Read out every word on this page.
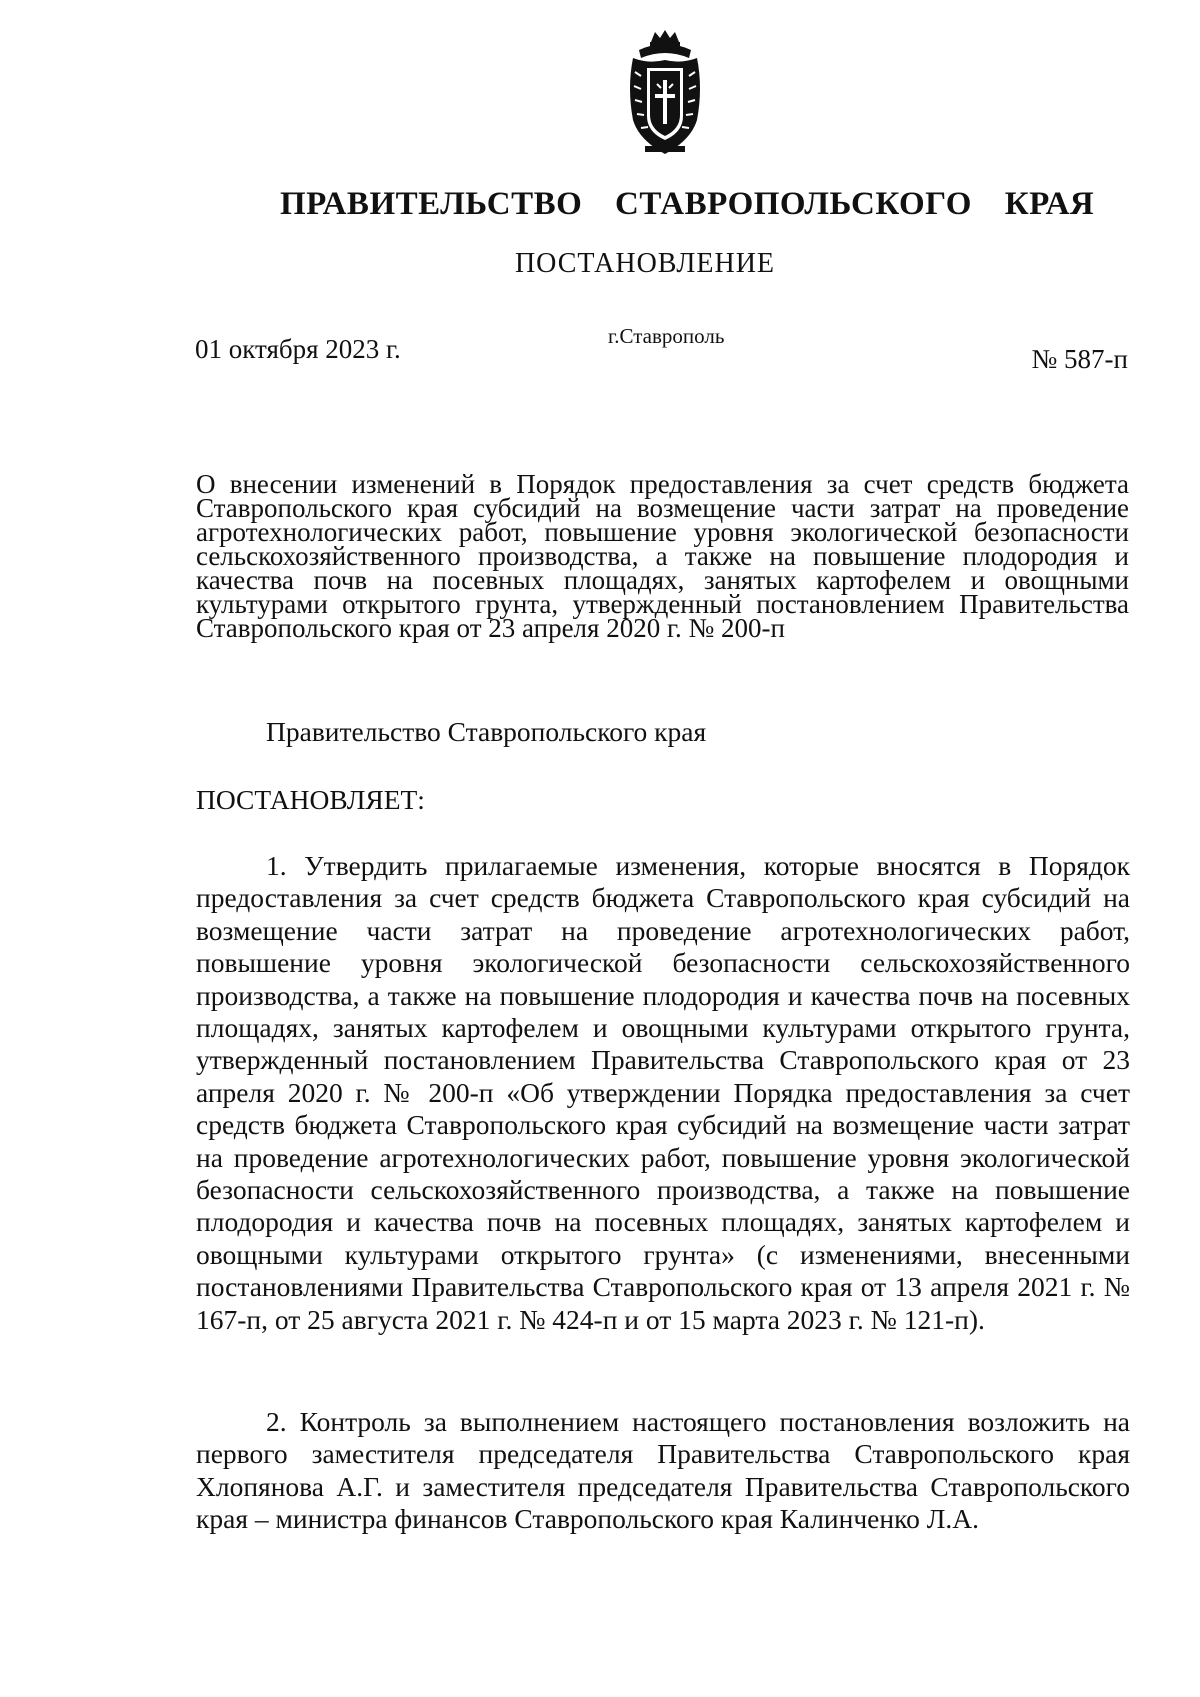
ПРАВИТЕЛЬСТВО СТАВРОПОЛЬСКОГО КРАЯ
ПОСТАНОВЛЕНИЕ
г.Ставрополь
01 октября 2023 г.	№ 587-п
О внесении изменений в Порядок предоставления за счет средств бюджета Ставропольского края субсидий на возмещение части затрат на проведение агротехнологических работ, повышение уровня экологической безопасности сельскохозяйственного производства, а также на повышение плодородия и качества почв на посевных площадях, занятых картофелем и овощными культурами открытого грунта, утвержденный постановлением Правительства Ставропольского края от 23 апреля 2020 г. № 200-п
Правительство Ставропольского края
ПОСТАНОВЛЯЕТ:
1. Утвердить прилагаемые изменения, которые вносятся в Порядок предоставления за счет средств бюджета Ставропольского края субсидий на возмещение части затрат на проведение агротехнологических работ, повышение уровня экологической безопасности сельскохозяйственного производства, а также на повышение плодородия и качества почв на посевных площадях, занятых картофелем и овощными культурами открытого грунта, утвержденный постановлением Правительства Ставропольского края от 23 апреля 2020 г. № 200-п «Об утверждении Порядка предоставления за счет средств бюджета Ставропольского края субсидий на возмещение части затрат на проведение агротехнологических работ, повышение уровня экологической безопасности сельскохозяйственного производства, а также на повышение плодородия и качества почв на посевных площадях, занятых картофелем и овощными культурами открытого грунта» (с изменениями, внесенными постановлениями Правительства Ставропольского края от 13 апреля 2021 г. № 167-п, от 25 августа 2021 г. № 424-п и от 15 марта 2023 г. № 121-п).
2. Контроль за выполнением настоящего постановления возложить на первого заместителя председателя Правительства Ставропольского края Хлопянова А.Г. и заместителя председателя Правительства Ставропольского края – министра финансов Ставропольского края Калинченко Л.А.
